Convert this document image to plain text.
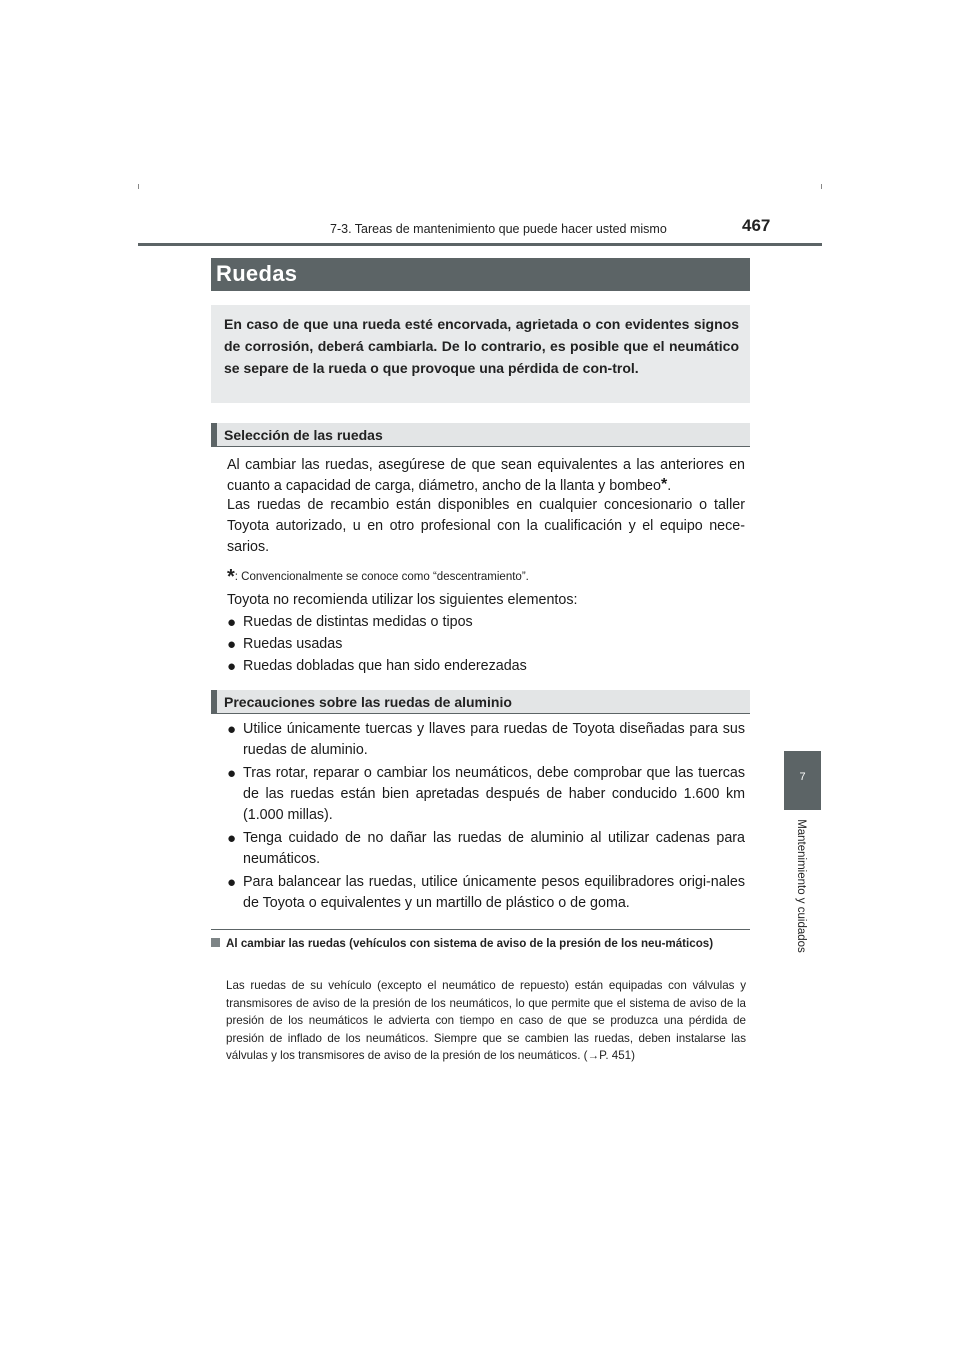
7-3. Tareas de mantenimiento que puede hacer usted mismo	467
Ruedas
En caso de que una rueda esté encorvada, agrietada o con evidentes signos de corrosión, deberá cambiarla. De lo contrario, es posible que el neumático se separe de la rueda o que provoque una pérdida de con-trol.
Selección de las ruedas
Al cambiar las ruedas, asegúrese de que sean equivalentes a las anteriores en cuanto a capacidad de carga, diámetro, ancho de la llanta y bombeo*.
Las ruedas de recambio están disponibles en cualquier concesionario o taller Toyota autorizado, u en otro profesional con la cualificación y el equipo nece-sarios.
*: Convencionalmente se conoce como “descentramiento”.
Toyota no recomienda utilizar los siguientes elementos:
● Ruedas de distintas medidas o tipos
● Ruedas usadas
● Ruedas dobladas que han sido enderezadas
Precauciones sobre las ruedas de aluminio
● Utilice únicamente tuercas y llaves para ruedas de Toyota diseñadas para sus ruedas de aluminio.
● Tras rotar, reparar o cambiar los neumáticos, debe comprobar que las tuercas de las ruedas están bien apretadas después de haber conducido 1.600 km (1.000 millas).
● Tenga cuidado de no dañar las ruedas de aluminio al utilizar cadenas para neumáticos.
● Para balancear las ruedas, utilice únicamente pesos equilibradores origi-nales de Toyota o equivalentes y un martillo de plástico o de goma.
Al cambiar las ruedas (vehículos con sistema de aviso de la presión de los neu-máticos)
Las ruedas de su vehículo (excepto el neumático de repuesto) están equipadas con válvulas y transmisores de aviso de la presión de los neumáticos, lo que permite que el sistema de aviso de la presión de los neumáticos le advierta con tiempo en caso de que se produzca una pérdida de presión de inflado de los neumáticos. Siempre que se cambien las ruedas, deben instalarse las válvulas y los transmisores de aviso de la presión de los neumáticos. (→P. 451)
7
Mantenimiento y cuidados
